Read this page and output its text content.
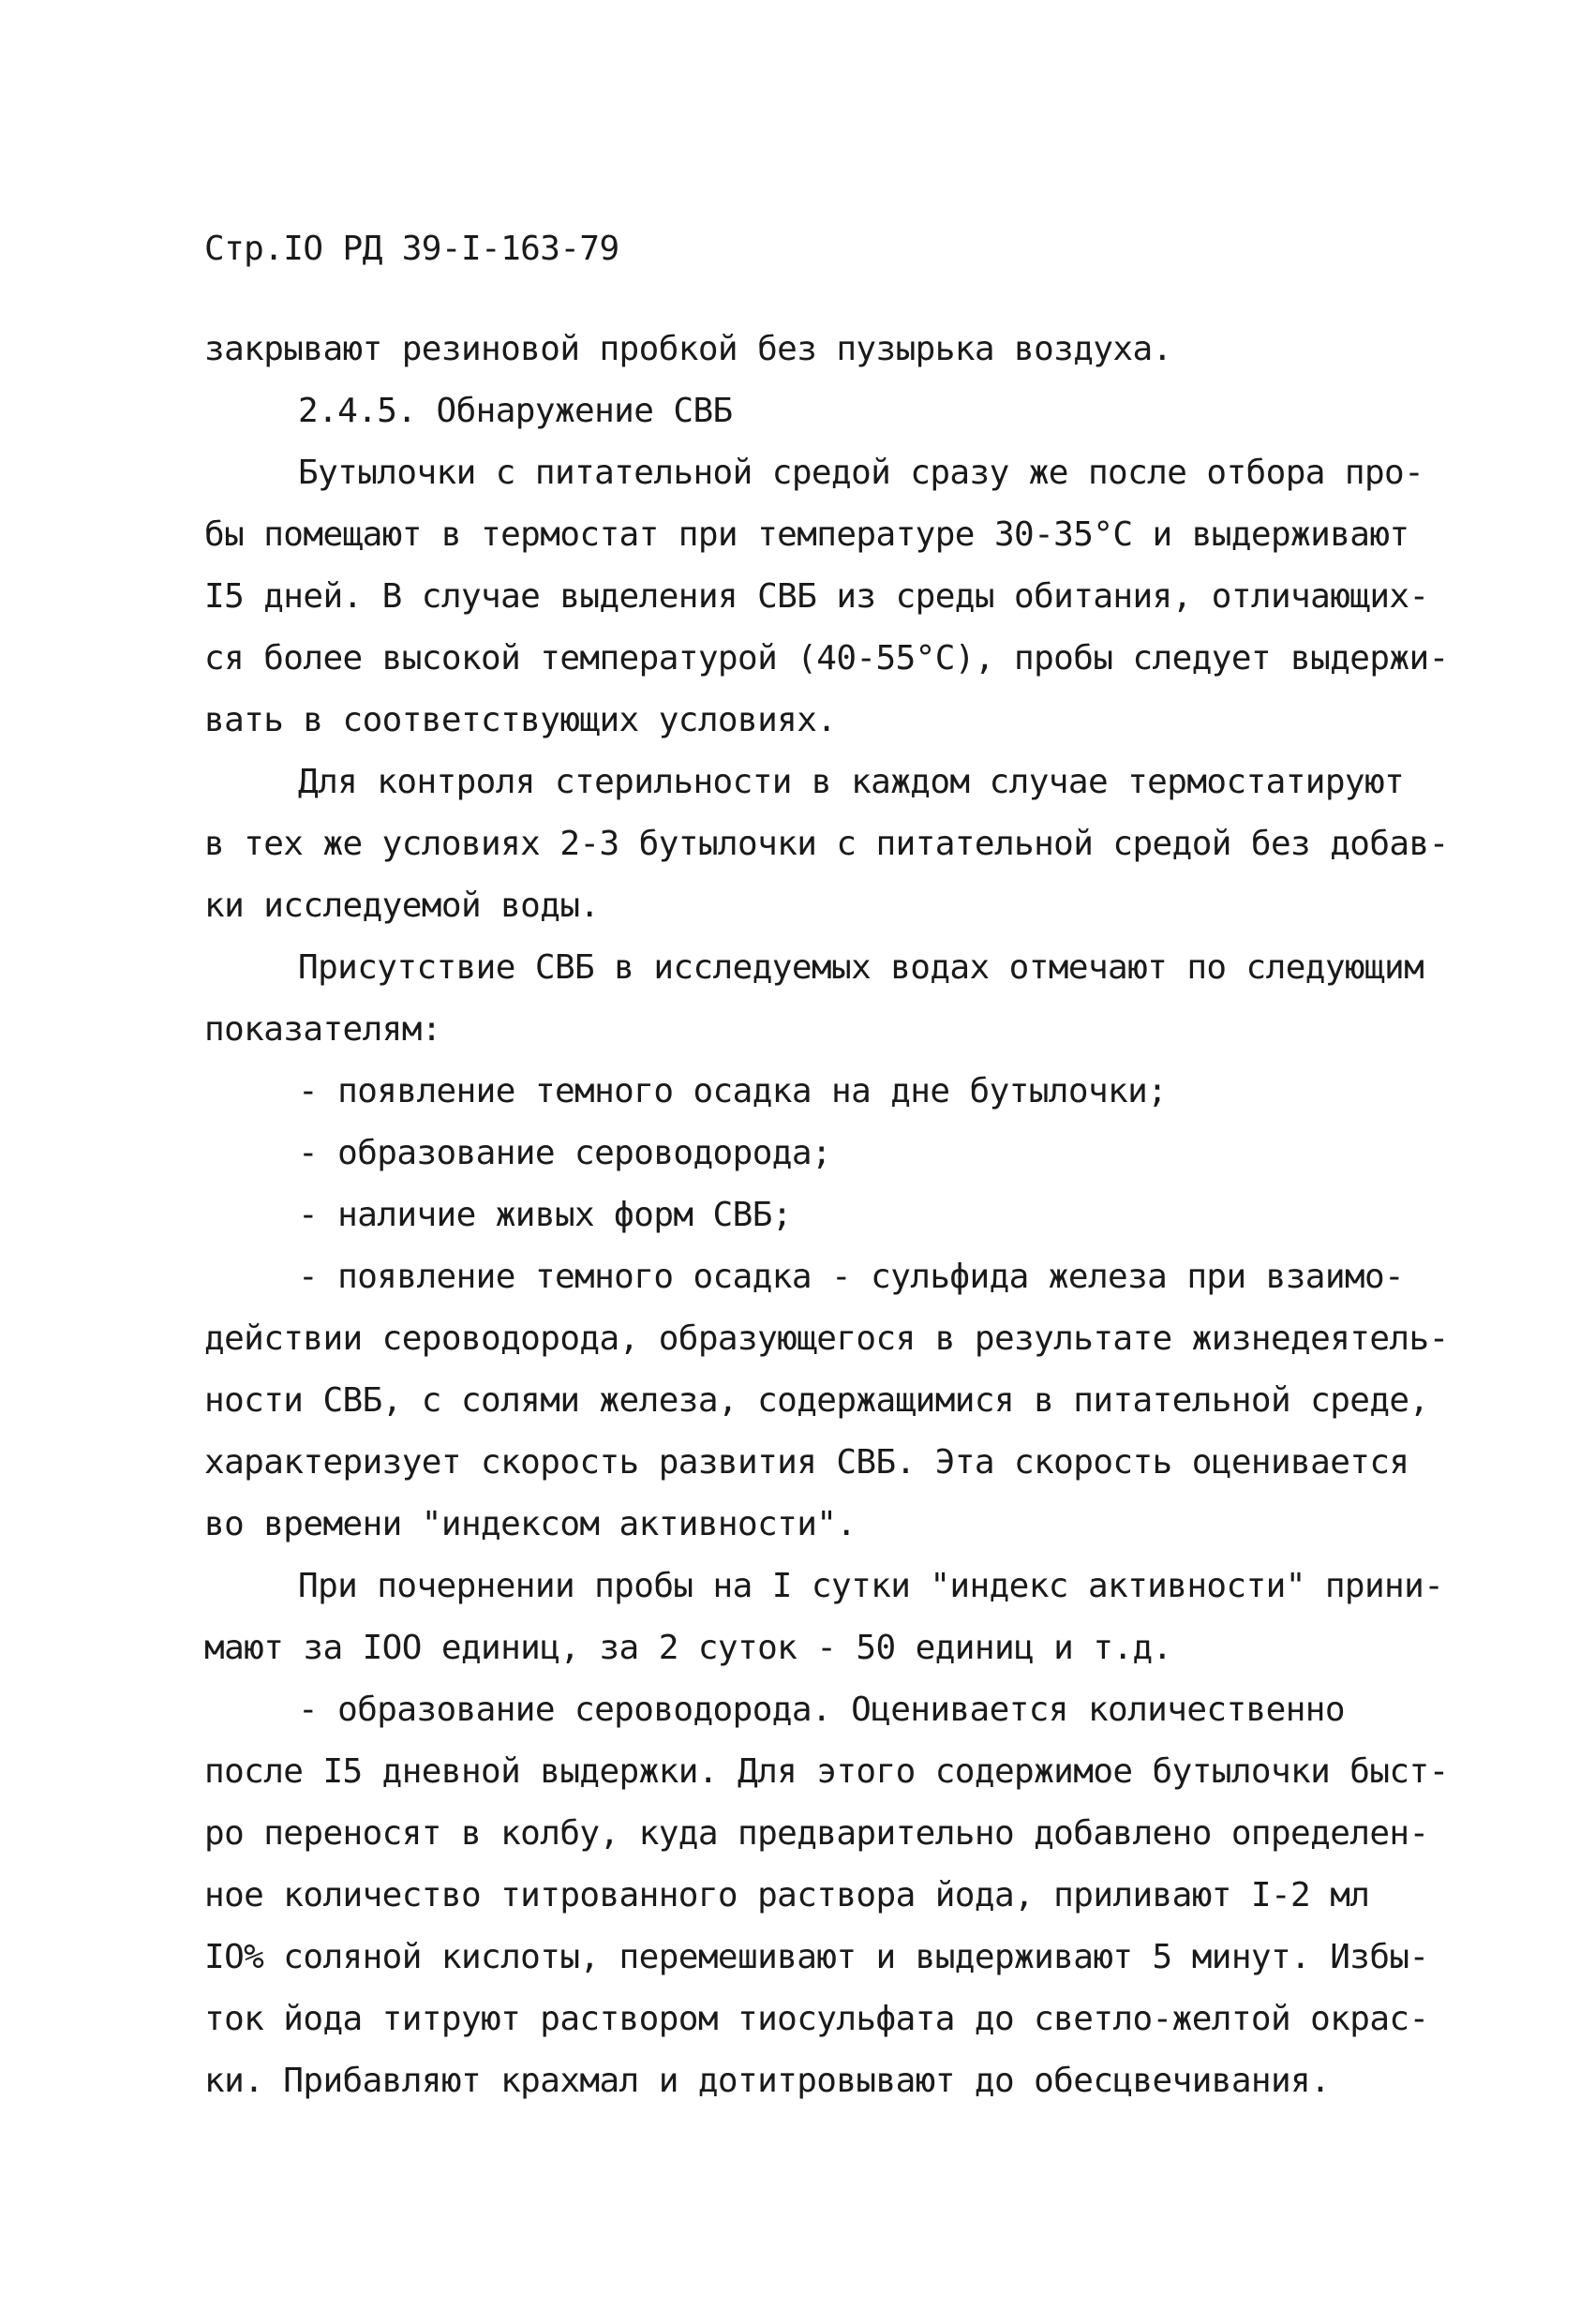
Стр.IO РД 39-I-163-79
закрывают резиновой пробкой без пузырька воздуха.
2.4.5. Обнаружение СВБ
Бутылочки с питательной средой сразу же после отбора про-
бы помещают в термостат при температуре 30-35°С и выдерживают
I5 дней. В случае выделения СВБ из среды обитания, отличающих-
ся более высокой температурой (40-55°С), пробы следует выдержи-
вать в соответствующих условиях.
Для контроля стерильности в каждом случае термостатируют
в тех же условиях 2-3 бутылочки с питательной средой без добав-
ки исследуемой воды.
Присутствие СВБ в исследуемых водах отмечают по следующим
показателям:
- появление темного осадка на дне бутылочки;
- образование сероводорода;
- наличие живых форм СВБ;
- появление темного осадка - сульфида железа при взаимо-
действии сероводорода, образующегося в результате жизнедеятель-
ности СВБ, с солями железа, содержащимися в питательной среде,
характеризует скорость развития СВБ. Эта скорость оценивается
во времени "индексом активности".
При почернении пробы на I сутки "индекс активности" прини-
мают за IOO единиц, за 2 суток - 50 единиц и т.д.
- образование сероводорода. Оценивается количественно
после I5 дневной выдержки. Для этого содержимое бутылочки быст-
ро переносят в колбу, куда предварительно добавлено определен-
ное количество титрованного раствора йода, приливают I-2 мл
IO% соляной кислоты, перемешивают и выдерживают 5 минут. Избы-
ток йода титруют раствором тиосульфата до светло-желтой окрас-
ки. Прибавляют крахмал и дотитровывают до обесцвечивания.
